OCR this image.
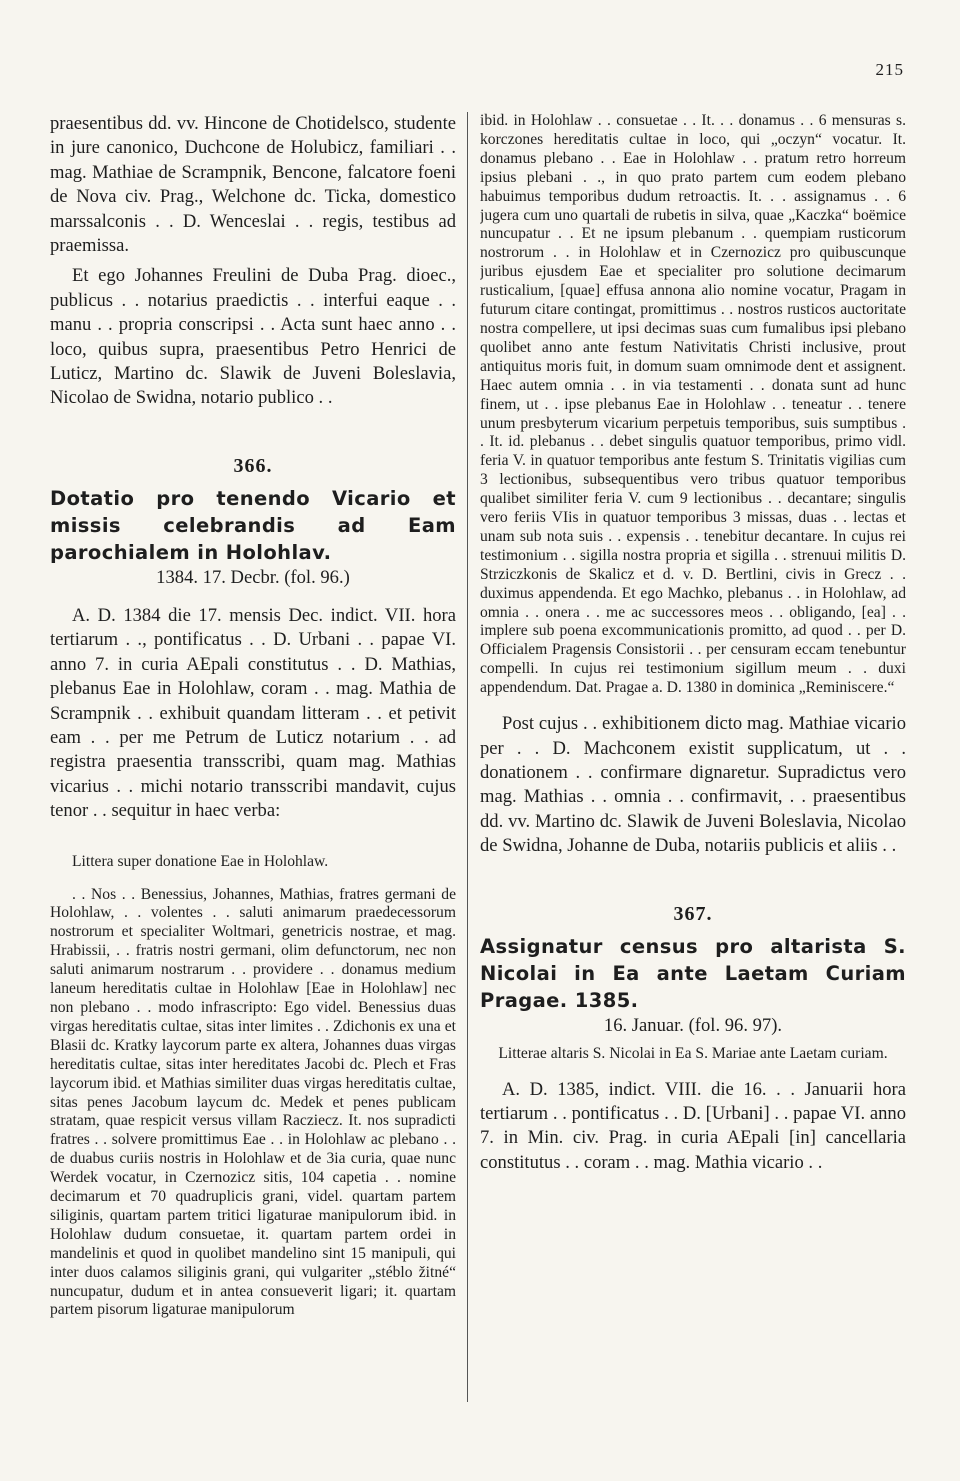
215

praesentibus dd. vv. Hincone de Chotidelsco, studente in jure canonico, Duchcone de Holubicz, familiari . . mag. Mathiae de Scrampnik, Bencone, falcatore foeni de Nova civ. Prag., Welchone dc. Ticka, domestico marssalconis . . D. Wenceslai . . regis, testibus ad praemissa.

Et ego Johannes Freulini de Duba Prag. dioec., publicus . . notarius praedictis . . interfui eaque . . manu . . propria conscripsi . . Acta sunt haec anno . . loco, quibus supra, praesentibus Petro Henrici de Luticz, Martino dc. Slawik de Juveni Boleslavia, Nicolao de Swidna, notario publico . .

366.

Dotatio pro tenendo Vicario et missis celebrandis ad Eam parochialem in Holohlav.

1384. 17. Decbr. (fol. 96.)

A. D. 1384 die 17. mensis Dec. indict. VII. hora tertiarum . ., pontificatus . . D. Urbani . . papae VI. anno 7. in curia AEpali constitutus . . D. Mathias, plebanus Eae in Holohlaw, coram . . mag. Mathia de Scrampnik . . exhibuit quandam litteram . . et petivit eam . . per me Petrum de Luticz notarium . . ad registra praesentia transscribi, quam mag. Mathias vicarius . . michi notario transscribi mandavit, cujus tenor . . sequitur in haec verba:

Littera super donatione Eae in Holohlaw.

. . Nos . . Benessius, Johannes, Mathias, fratres germani de Holohlaw, . . volentes . . saluti animarum praedecessorum nostrorum et specialiter Woltmari, genetricis nostrae, et mag. Hrabissii, . . fratris nostri germani, olim defunctorum, nec non saluti animarum nostrarum . . providere . . donamus medium laneum hereditatis cultae in Holohlaw [Eae in Holohlaw] nec non plebano . . modo infrascripto: Ego videl. Benessius duas virgas hereditatis cultae, sitas inter limites . . Zdichonis ex una et Blasii dc. Kratky laycorum parte ex altera, Johannes duas virgas hereditatis cultae, sitas inter hereditates Jacobi dc. Plech et Fras laycorum ibid. et Mathias similiter duas virgas hereditatis cultae, sitas penes Jacobum laycum dc. Medek et penes publicam stratam, quae respicit versus villam Racziecz. It. nos supradicti fratres . . solvere promittimus Eae . . in Holohlaw ac plebano . . de duabus curiis nostris in Holohlaw et de 3ia curia, quae nunc Werdek vocatur, in Czernozicz sitis, 104 capetia . . nomine decimarum et 70 quadruplicis grani, videl. quartam partem siliginis, quartam partem tritici ligaturae manipulorum ibid. in Holohlaw dudum consuetae, it. quartam partem ordei in mandelinis et quod in quolibet mandelino sint 15 manipuli, qui inter duos calamos siliginis grani, qui vulgariter „stéblo žitné“ nuncupatur, dudum et in antea consueverit ligari; it. quartam partem pisorum ligaturae manipulorum

ibid. in Holohlaw . . consuetae . . It. . . donamus . . 6 mensuras s. korczones hereditatis cultae in loco, qui „oczyn“ vocatur. It. donamus plebano . . Eae in Holohlaw . . pratum retro horreum ipsius plebani . ., in quo prato partem cum eodem plebano habuimus temporibus dudum retroactis. It. . . assignamus . . 6 jugera cum uno quartali de rubetis in silva, quae „Kaczka“ boëmice nuncupatur . . Et ne ipsum plebanum . . quempiam rusticorum nostrorum . . in Holohlaw et in Czernozicz pro quibuscunque juribus ejusdem Eae et specialiter pro solutione decimarum rusticalium, [quae] effusa annona alio nomine vocatur, Pragam in futurum citare contingat, promittimus . . nostros rusticos auctoritate nostra compellere, ut ipsi decimas suas cum fumalibus ipsi plebano quolibet anno ante festum Nativitatis Christi inclusive, prout antiquitus moris fuit, in domum suam omnimode dent et assignent. Haec autem omnia . . in via testamenti . . donata sunt ad hunc finem, ut . . ipse plebanus Eae in Holohlaw . . teneatur . . tenere unum presbyterum vicarium perpetuis temporibus, suis sumptibus . . It. id. plebanus . . debet singulis quatuor temporibus, primo vidl. feria V. in quatuor temporibus ante festum S. Trinitatis vigilias cum 3 lectionibus, subsequentibus vero tribus quatuor temporibus qualibet similiter feria V. cum 9 lectionibus . . decantare; singulis vero feriis VIis in quatuor temporibus 3 missas, duas . . lectas et unam sub nota suis . . expensis . . tenebitur decantare. In cujus rei testimonium . . sigilla nostra propria et sigilla . . strenuui militis D. Strziczkonis de Skalicz et d. v. D. Bertlini, civis in Grecz . . duximus appendenda. Et ego Machko, plebanus . . in Holohlaw, ad omnia . . onera . . me ac successores meos . . obligando, [ea] . . implere sub poena excommunicationis promitto, ad quod . . per D. Officialem Pragensis Consistorii . . per censuram eccam tenebuntur compelli. In cujus rei testimonium sigillum meum . . duxi appendendum. Dat. Pragae a. D. 1380 in dominica „Reminiscere.“

Post cujus . . exhibitionem dicto mag. Mathiae vicario per . . D. Machconem existit supplicatum, ut . . donationem . . confirmare dignaretur. Supradictus vero mag. Mathias . . omnia . . confirmavit, . . praesentibus dd. vv. Martino dc. Slawik de Juveni Boleslavia, Nicolao de Swidna, Johanne de Duba, notariis publicis et aliis . .

367.

Assignatur census pro altarista S. Nicolai in Ea ante Laetam Curiam Pragae. 1385.

16. Januar. (fol. 96. 97).
Litterae altaris S. Nicolai in Ea S. Mariae ante Laetam curiam.

A. D. 1385, indict. VIII. die 16. . . Januarii hora tertiarum . . pontificatus . . D. [Urbani] . . papae VI. anno 7. in Min. civ. Prag. in curia AEpali [in] cancellaria constitutus . . coram . . mag. Mathia vicario . .
